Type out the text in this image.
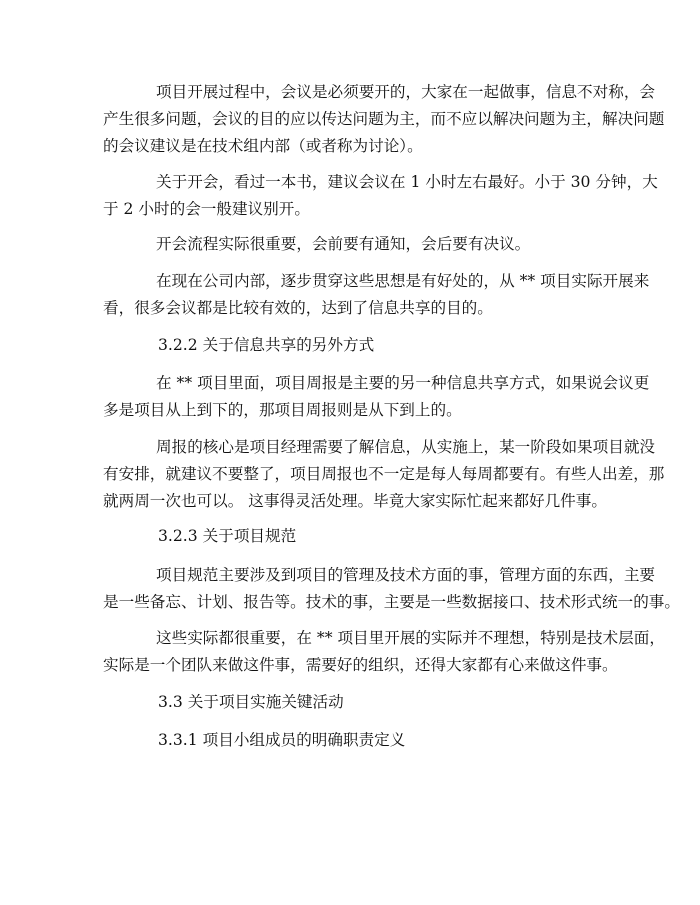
项目开展过程中，会议是必须要开的，大家在一起做事，信息不对称，会
产生很多问题，会议的目的应以传达问题为主，而不应以解决问题为主，解决问题
的会议建议是在技术组内部（或者称为讨论）。

关于开会，看过一本书，建议会议在 1 小时左右最好。小于 30 分钟，大
于 2 小时的会一般建议别开。

开会流程实际很重要，会前要有通知，会后要有决议。

在现在公司内部，逐步贯穿这些思想是有好处的，从 ** 项目实际开展来
看，很多会议都是比较有效的，达到了信息共享的目的。

3.2.2 关于信息共享的另外方式

在 ** 项目里面，项目周报是主要的另一种信息共享方式，如果说会议更
多是项目从上到下的，那项目周报则是从下到上的。

周报的核心是项目经理需要了解信息，从实施上，某一阶段如果项目就没
有安排，就建议不要整了，项目周报也不一定是每人每周都要有。有些人出差，那
就两周一次也可以。 这事得灵活处理。毕竟大家实际忙起来都好几件事。

3.2.3 关于项目规范

项目规范主要涉及到项目的管理及技术方面的事，管理方面的东西，主要
是一些备忘、计划、报告等。技术的事，主要是一些数据接口、技术形式统一的事。

这些实际都很重要，在 ** 项目里开展的实际并不理想，特别是技术层面，
实际是一个团队来做这件事，需要好的组织，还得大家都有心来做这件事。

3.3 关于项目实施关键活动

3.3.1 项目小组成员的明确职责定义
